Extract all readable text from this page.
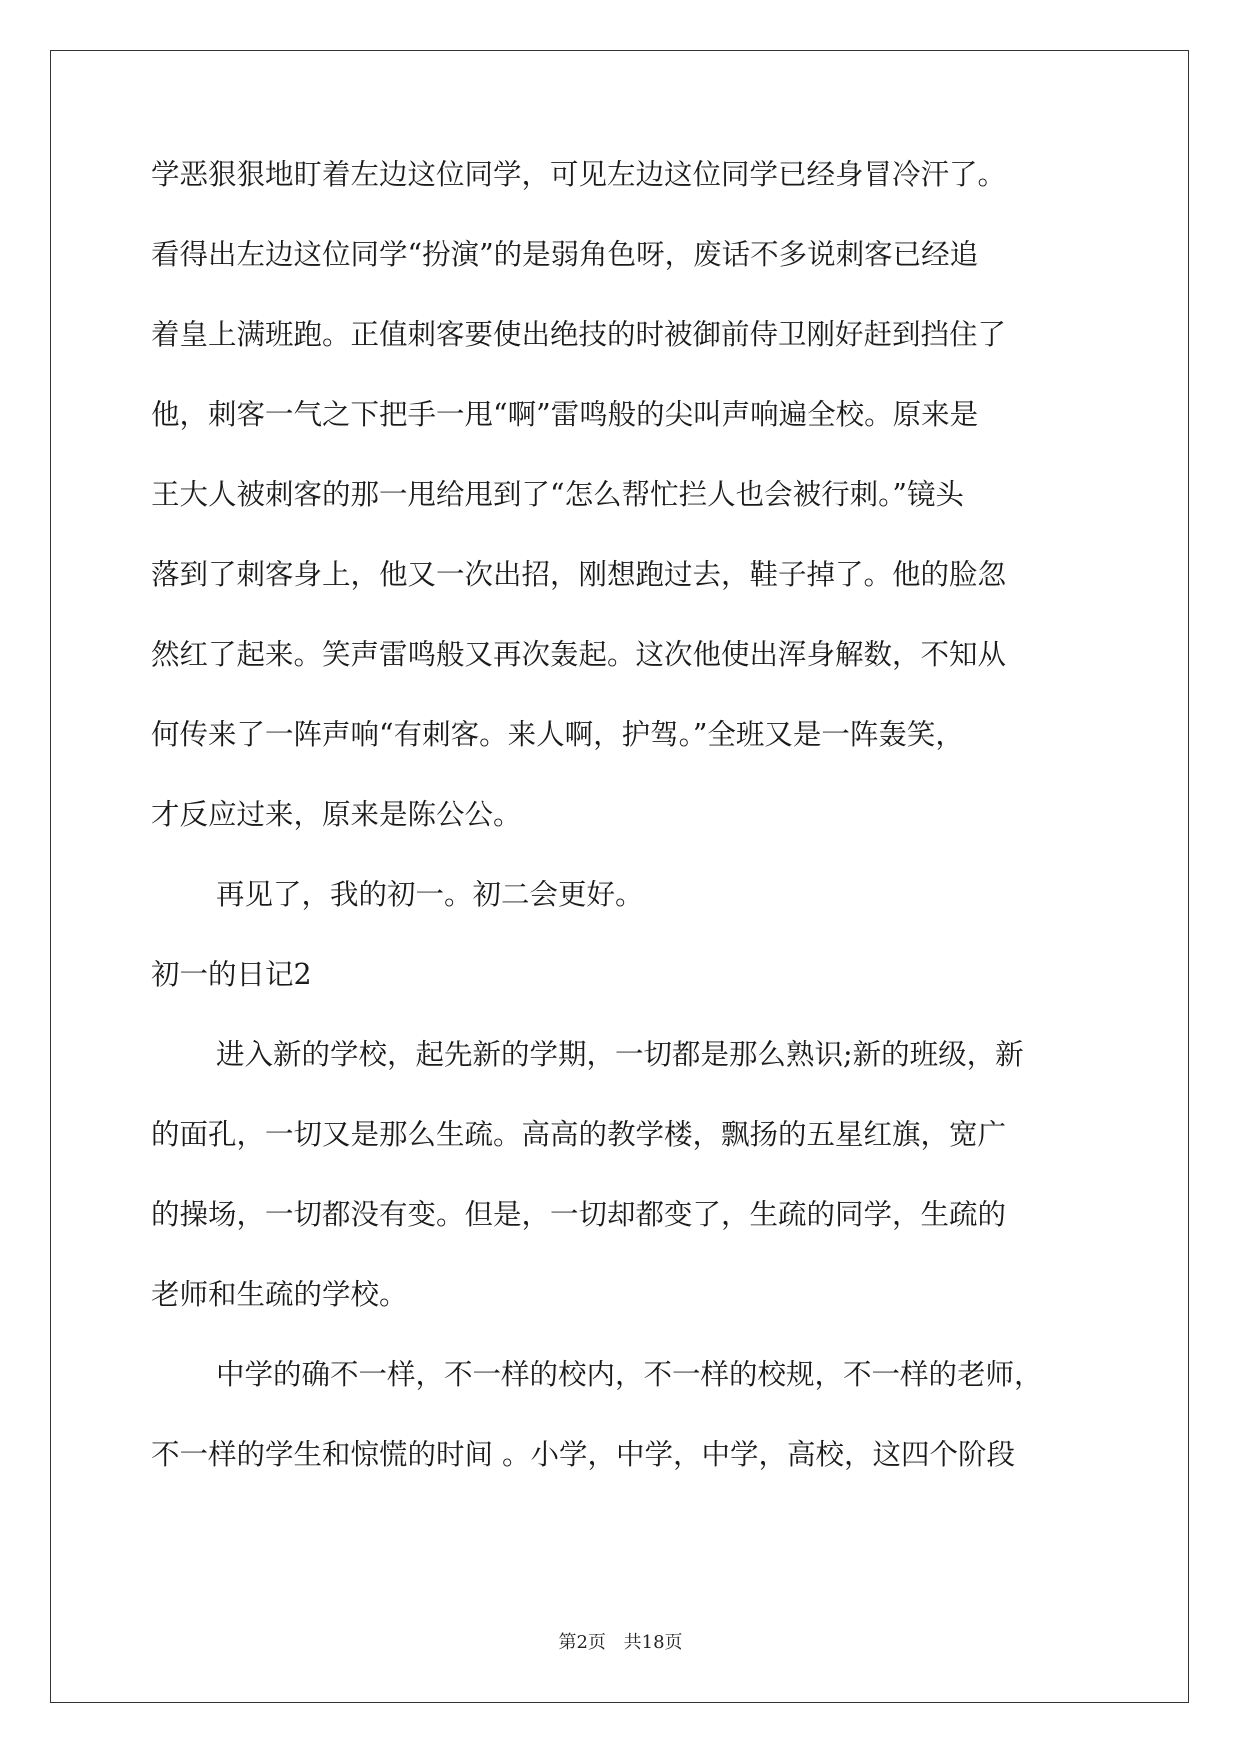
学恶狠狠地盯着左边这位同学，可见左边这位同学已经身冒冷汗了。
看得出左边这位同学“扮演”的是弱角色呀，废话不多说刺客已经追
着皇上满班跑。正值刺客要使出绝技的时被御前侍卫刚好赶到挡住了
他，刺客一气之下把手一甩“啊”雷鸣般的尖叫声响遍全校。原来是
王大人被刺客的那一甩给甩到了“怎么帮忙拦人也会被行刺。”镜头
落到了刺客身上，他又一次出招，刚想跑过去，鞋子掉了。他的脸忽
然红了起来。笑声雷鸣般又再次轰起。这次他使出浑身解数，不知从
何传来了一阵声响“有刺客。来人啊，护驾。”全班又是一阵轰笑，
才反应过来，原来是陈公公。
再见了，我的初一。初二会更好。
初一的日记2
进入新的学校，起先新的学期，一切都是那么熟识;新的班级，新
的面孔，一切又是那么生疏。高高的教学楼，飘扬的五星红旗，宽广
的操场，一切都没有变。但是，一切却都变了，生疏的同学，生疏的
老师和生疏的学校。
中学的确不一样，不一样的校内，不一样的校规，不一样的老师，
不一样的学生和惊慌的时间 。小学，中学，中学，高校，这四个阶段
第2页 共18页
